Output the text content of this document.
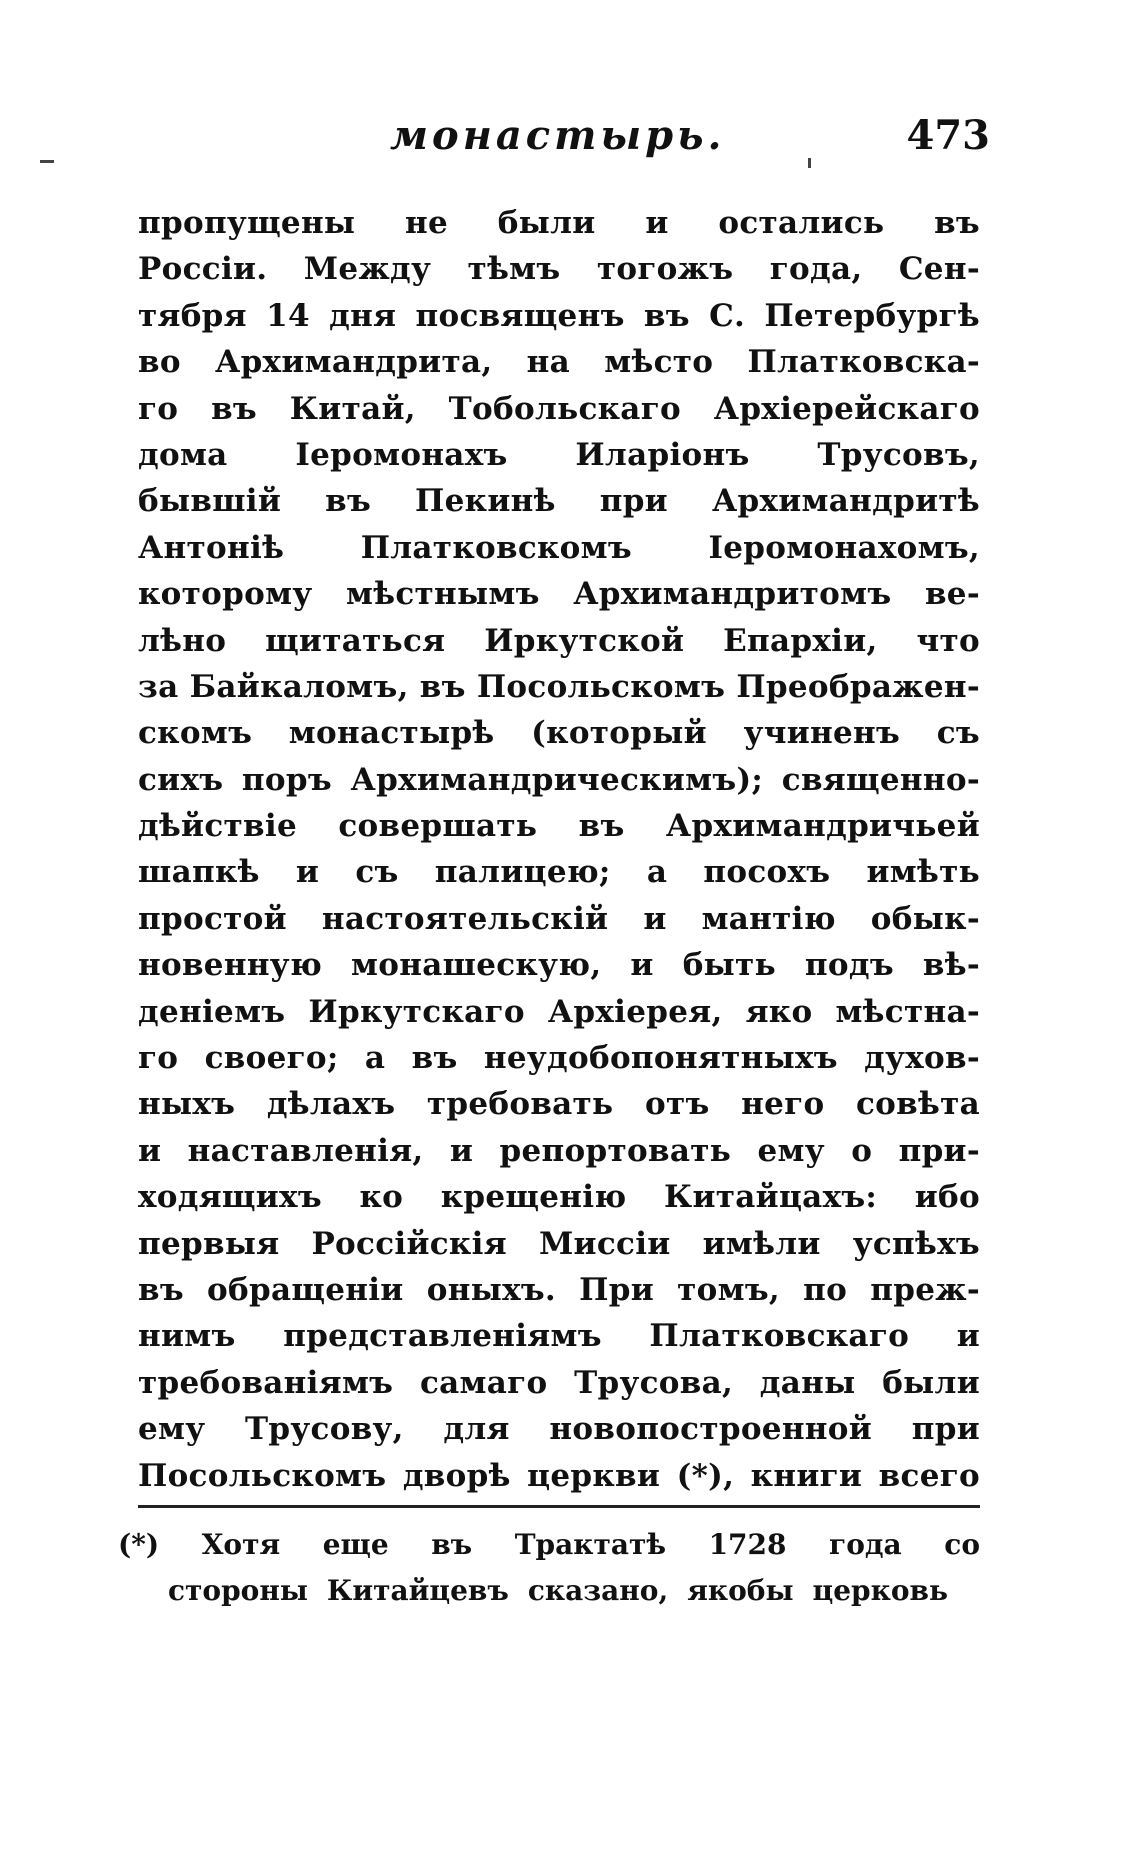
монастырь.	473
пропущены не были и остались въ
Россіи. Между тѣмъ тогожъ года, Сен-
тября 14 дня посвященъ въ С. Петербургѣ
во Архимандрита, на мѣсто Платковска-
го въ Китай, Тобольскаго Архіерейскаго
дома Іеромонахъ Иларіонъ Трусовъ,
бывшій въ Пекинѣ при Архимандритѣ
Антоніѣ Платковскомъ Іеромонахомъ,
которому мѣстнымъ Архимандритомъ ве-
лѣно щитаться Иркутской Епархіи, что
за Байкаломъ, въ Посольскомъ Преображен-
скомъ монастырѣ (который учиненъ съ
сихъ поръ Архимандрическимъ); священно-
дѣйствіе совершать въ Архимандричьей
шапкѣ и съ палицею; а посохъ имѣть
простой настоятельскій и мантію обык-
новенную монашескую, и быть подъ вѣ-
деніемъ Иркутскаго Архіерея, яко мѣстна-
го своего; а въ неудобопонятныхъ духов-
ныхъ дѣлахъ требовать отъ него совѣта
и наставленія, и репортовать ему о при-
ходящихъ ко крещенію Китайцахъ: ибо
первыя Россійскія Миссіи имѣли успѣхъ
въ обращеніи оныхъ. При томъ, по преж-
нимъ представленіямъ Платковскаго и
требованіямъ самаго Трусова, даны были
ему Трусову, для новопостроенной при
Посольскомъ дворѣ церкви (*), книги всего
(*) Хотя еще въ Трактатѣ 1728 года со
стороны Китайцевъ сказано, якобы церковь
